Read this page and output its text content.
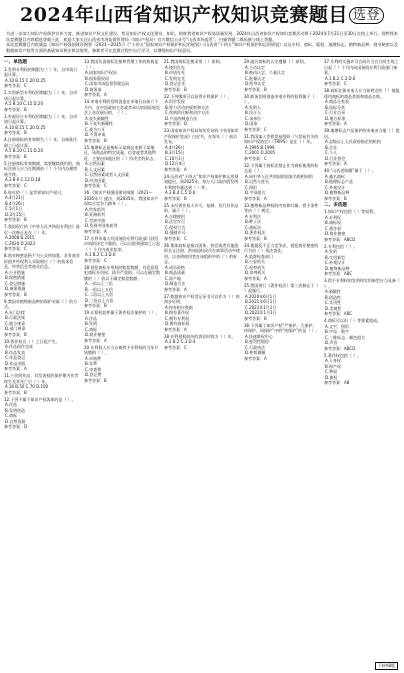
2024年山西省知识产权知识竞赛题目 选登
为进一步加大知识产权保护宣传力度，推进知识产权文化建设，普及知识产权文化建设、知识，助推我省知识产权高质量发展，2024年山西省知识产权知识竞赛活动将于2024年7月21日至30日在线上举行。现特将本次竞赛题目内容精选登载于此，欢迎大家关注山西省市场监督管理局（知识产权局）官方微信公众号“山西市场监管”，扫描答题二维码参与线上答题。
本次竞赛题目内容涵盖《知识产权强国建设纲要（2021—2035）》《“十四五”国家知识产权保护和运用规划》《山西省“十四五”知识产权保护和运用规划》以及专利、商标、版权、地理标志、植物新品种、商业秘密以及数据知识产权等方面的基础知识和法律法规等，参赛者可在竞赛过程中自行学习，以增强知识产权意识。
一、单选题
1.发明专利权的期限为（ ）年，自申请日起计算。
A.10 B.15 C.20 D.25
参考答案：C
2.实用新型专利权的期限为（ ）年，自申请日起计算。
A.5 B.10 C.15 D.20
参考答案：B
3.外观设计专利权的期限为（ ）年，自申请日起计算。
A.10 B.15 C.20 D.25
参考答案：B
4.注册商标的有效期为（ ）年，自核准注册之日起计算。
A.5 B.10 C.15 D.20
参考答案：B
5.注册商标有效期满，需要继续使用的，商标注册人应当在期满前（ ）个月内办理续展手续。
A.3 B.6 C.12 D.18
参考答案：C
6.每年的（ ）是世界知识产权日。
A.4月23日
B.4月26日
C.5月1日
D.3月15日
参考答案：B
7.我国现行的《中华人民共和国专利法》最近一次修正是在（ ）年。
A.2008 B.2015
C.2020 D.2023
参考答案：C
8.商业秘密是指不为公众所知悉、具有商业价值并经权利人采取相应（ ）的技术信息、经营信息等商业信息。
A.公开措施
B.保密措施
C.登记措施
D.备案措施
参考答案：B
9.我国对植物新品种的保护采取（ ）的方式。
A.专门法律
B.行政法规
C.地方规章
D.部门规章
参考答案：B
10.著作权自（ ）之日起产生。
A.作品创作完成
B.作品发表
C.作品登记
D.作品出版
参考答案：A
11.公民的作品，其发表权的保护期为作者终生及其死亡后（ ）年。
A.30 B.50 C.70 D.100
参考答案：B
12.下列不属于知识产权客体的是（ ）。
A.作品
B.发明创造
C.商标
D.自然资源
参考答案：D
13.我国负责商标注册和管理工作的机构是（ ）。
A.国家知识产权局
B.国家版权局
C.国家市场监督管理总局
D.商务部
参考答案：A
14.申请专利的发明创造在申请日以前六个月内，在中国政府主办或者承认的国际展览会上首次展出的，（ ）。
A.丧失新颖性
B.不丧失新颖性
C.视为公开
D.不得申请
参考答案：B
15.地理标志是指标示某商品来源于某地区，该商品的特定质量、信誉或者其他特征，主要由该地区的（ ）所决定的标志。
A.自然因素
B.人文因素
C.自然因素或者人文因素
D.经济因素
参考答案：C
16.《知识产权强国建设纲要（2021—2035年）》提出，到2035年，我国知识产权综合竞争力跻身（ ）。
A.世界前列
B.亚洲前列
C.世界中游
D.发展中国家前列
参考答案：A
17.专利申请人对国务院专利行政部门驳回申请的决定不服的，可以自收到通知之日起（ ）个月内请求复审。
A.1 B.2 C.3 D.6
参考答案：C
18.侵犯商标专用权的赔偿数额，对恶意侵犯商标专用权，情节严重的，可以在确定数额的（ ）倍以下确定赔偿数额。
A.一倍以上三倍
B.一倍以上五倍
C.二倍以上五倍
D.三倍以上五倍
参考答案：B
19.计算机软件属于著作权法保护的（ ）。
A.作品
B.发明
C.商标
D.商业秘密
参考答案：A
20.专利权人应当自被授予专利权的当年开始缴纳（ ）。
A.申请费
B.年费
C.审查费
D.登记费
参考答案：B
21.我国商标注册采用（ ）原则。
A.使用在先
B.申请在先
C.发明在先
D.登记在先
参考答案：B
22.下列哪项可以获得专利保护（ ）。
A.科学发现
B.智力活动的规则和方法
C.疾病的诊断和治疗方法
D.产品的制造方法
参考答案：D
23.国家知识产权局每年发布的《中国知识产权保护状况》白皮书，在每年（ ）前后发布。
A.4月26日
B.3月15日
C.10月1日
D.12月4日
参考答案：A
24.山西省“十四五”知识产权保护和运用规划提出，到2025年，每万人口高价值发明专利拥有量达到（ ）件。
A.3 B.4 C.5 D.6
参考答案：B
25.未经著作权人许可，复制、发行其作品的，属于（ ）。
A.合理使用
B.法定许可
C.侵权行为
D.强制许可
参考答案：C
26.集体商标是指以团体、协会或者其他组织名义注册，供该组织成员在商事活动中使用，以表明使用者在该组织中的（ ）的标志。
A.成员资格
B.商品质量
C.原产地
D.制造方法
参考答案：A
27.数据知识产权登记证书可以作为（ ）的初步证明。
A.持有相应数据
B.拥有著作权
C.拥有专利权
D.拥有商标权
参考答案：A
28.专利侵权纠纷的诉讼时效为（ ）年。
A.1 B.2 C.3 D.4
参考答案：C
29.驰名商标的认定遵循（ ）原则。
A.主动认定
B.被动认定、个案认定
C.批量认定
D.终身认定
参考答案：B
30.职务发明创造申请专利的权利属于（ ）。
A.发明人
B.设计人
C.该单位
D.国家
参考答案：C
31.我国加入世界贸易组织《与贸易有关的知识产权协定》（TRIPS）是在（ ）年。
A.1995 B.1999
C.2001 D.2005
参考答案：C
32.下列属于商标法禁止作为商标使用的标志是（ ）。
A.同中华人民共和国的国家名称相同的
B.自然人姓名
C.图形
D.字母组合
参考答案：A
33.植物新品种权的内容和归属、授予条件等由（ ）规定。
A.专利法
B.种子法
C.商标法
D.著作权法
参考答案：B
34.根据反不正当竞争法，侵犯商业秘密的行为由（ ）依法查处。
A.监督检查部门
B.公安机关
C.检察机关
D.审判机关
参考答案：A
35.我国现行《著作权法》第三次修正于（ ）起施行。
A.2020年6月1日
B.2021年6月1日
C.2021年1月1日
D.2022年1月1日
参考答案：B
36.下列属于知识产权“严保护、大保护、快保护、同保护”中的“快保护”的是（ ）。
A.快速维权中心
B.惩罚性赔偿
C.行政执法
D.仲裁调解
参考答案：A
37.专利的实施许可合同应当自合同生效之日起（ ）个月内向国务院专利行政部门备案。
A.1 B.2 C.3 D.6
参考答案：C
38.商标注册申请人应当按规定的（ ）填报使用商标的商品类别和商品名称。
A.商品分类表
B.国际分类
C.行业目录
D.地方标准
参考答案：A
39.地理标志产品保护的申请由当地（ ）提出。
A.县级以上人民政府指定的机构
B.企业
C.个人
D.行业协会
参考答案：A
40.“山西老陈醋”属于（ ）。
A.驰名商标
B.地理标志产品
C.外观设计
D.植物新品种
参考答案：B
二、多选题
1.知识产权包括（ ）等权利。
A.专利权
B.商标权
C.著作权
D.商业秘密
参考答案：ABCD
2.专利包括（ ）。
A.发明
B.实用新型
C.外观设计
D.植物新品种
参考答案：ABC
3.授予专利权的发明和实用新型应当具备（ ）。
A.新颖性
B.创造性
C.实用性
D.美观性
参考答案：ABC
4.商标可以由（ ）等要素组成。
A.文字、图形
B.字母、数字
C.三维标志、颜色组合
D.声音
参考答案：ABCD
5.著作权包括（ ）。
A.人身权
B.财产权
C.物权
D.债权
参考答案：AB
下转A8版
